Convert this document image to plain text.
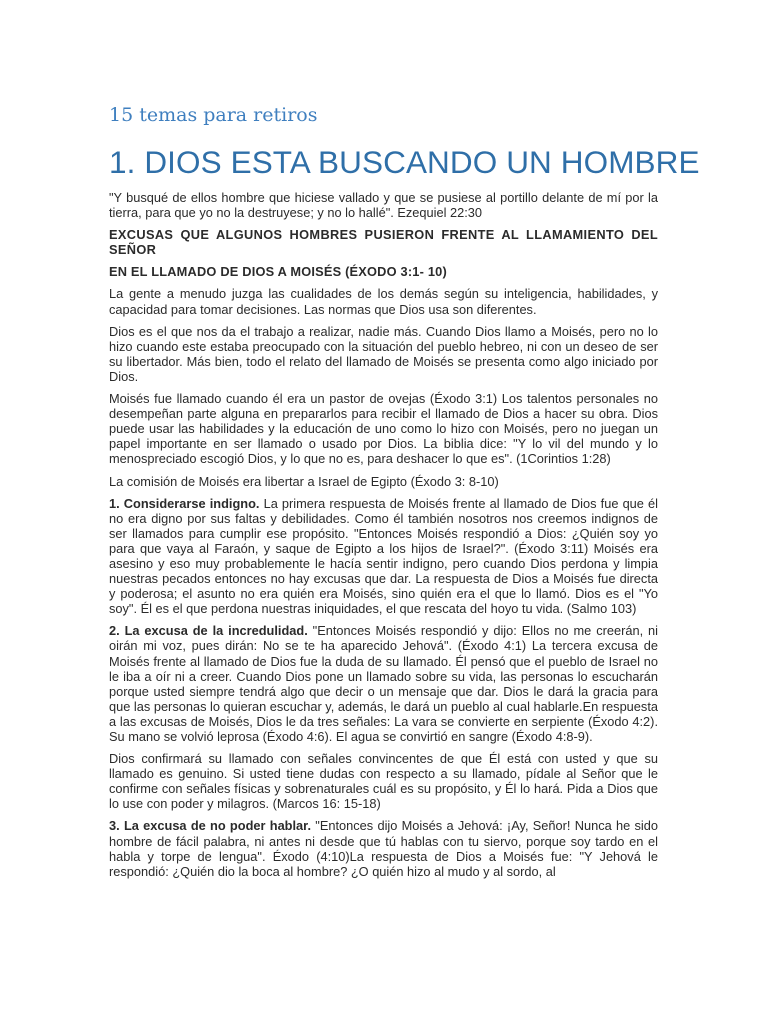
15 temas para retiros
1. DIOS ESTA BUSCANDO UN HOMBRE

"Y busqué de ellos hombre que hiciese vallado y que se pusiese al portillo delante de mí por la tierra, para que yo no la destruyese; y no lo hallé". Ezequiel 22:30

EXCUSAS QUE ALGUNOS HOMBRES PUSIERON FRENTE AL LLAMAMIENTO DEL SEÑOR

EN EL LLAMADO DE DIOS A MOISÉS (ÉXODO 3:1- 10)

La gente a menudo juzga las cualidades de los demás según su inteligencia, habilidades, y capacidad para tomar decisiones. Las normas que Dios usa son diferentes.

Dios es el que nos da el trabajo a realizar, nadie más. Cuando Dios llamo a Moisés, pero no lo hizo cuando este estaba preocupado con la situación del pueblo hebreo, ni con un deseo de ser su libertador. Más bien, todo el relato del llamado de Moisés se presenta como algo iniciado por Dios.

Moisés fue llamado cuando él era un pastor de ovejas (Éxodo 3:1) Los talentos personales no desempeñan parte alguna en prepararlos para recibir el llamado de Dios a hacer su obra. Dios puede usar las habilidades y la educación de uno como lo hizo con Moisés, pero no juegan un papel importante en ser llamado o usado por Dios. La biblia dice: "Y lo vil del mundo y lo menospreciado escogió Dios, y lo que no es, para deshacer lo que es". (1Corintios 1:28)

La comisión de Moisés era libertar a Israel de Egipto (Éxodo 3: 8-10)

1. Considerarse indigno. La primera respuesta de Moisés frente al llamado de Dios fue que él no era digno por sus faltas y debilidades. Como él también nosotros nos creemos indignos de ser llamados para cumplir ese propósito. "Entonces Moisés respondió a Dios: ¿Quién soy yo para que vaya al Faraón, y saque de Egipto a los hijos de Israel?". (Éxodo 3:11) Moisés era asesino y eso muy probablemente le hacía sentir indigno, pero cuando Dios perdona y limpia nuestras pecados entonces no hay excusas que dar. La respuesta de Dios a Moisés fue directa y poderosa; el asunto no era quién era Moisés, sino quién era el que lo llamó. Dios es el "Yo soy". Él es el que perdona nuestras iniquidades, el que rescata del hoyo tu vida. (Salmo 103)

2. La excusa de la incredulidad. "Entonces Moisés respondió y dijo: Ellos no me creerán, ni oirán mi voz, pues dirán: No se te ha aparecido Jehová". (Éxodo 4:1) La tercera excusa de Moisés frente al llamado de Dios fue la duda de su llamado. Él pensó que el pueblo de Israel no le iba a oír ni a creer. Cuando Dios pone un llamado sobre su vida, las personas lo escucharán porque usted siempre tendrá algo que decir o un mensaje que dar. Dios le dará la gracia para que las personas lo quieran escuchar y, además, le dará un pueblo al cual hablarle.En respuesta a las excusas de Moisés, Dios le da tres señales: La vara se convierte en serpiente (Éxodo 4:2). Su mano se volvió leprosa (Éxodo 4:6). El agua se convirtió en sangre (Éxodo 4:8-9).

Dios confirmará su llamado con señales convincentes de que Él está con usted y que su llamado es genuino. Si usted tiene dudas con respecto a su llamado, pídale al Señor que le confirme con señales físicas y sobrenaturales cuál es su propósito, y Él lo hará. Pida a Dios que lo use con poder y milagros. (Marcos 16: 15-18)

3. La excusa de no poder hablar. "Entonces dijo Moisés a Jehová: ¡Ay, Señor! Nunca he sido hombre de fácil palabra, ni antes ni desde que tú hablas con tu siervo, porque soy tardo en el habla y torpe de lengua". Éxodo (4:10)La respuesta de Dios a Moisés fue: "Y Jehová le respondió: ¿Quién dio la boca al hombre? ¿O quién hizo al mudo y al sordo, al
